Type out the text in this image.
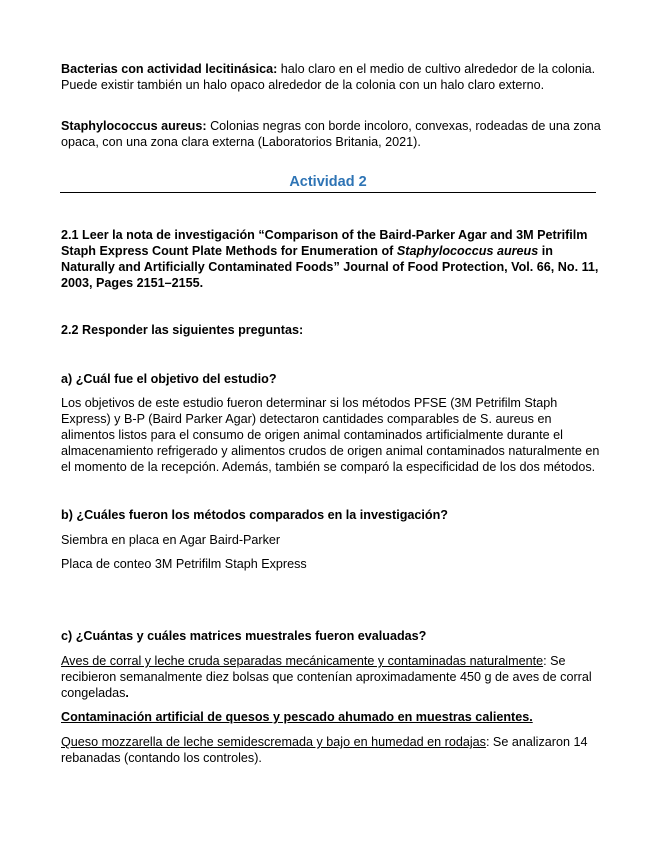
Bacterias con actividad lecitinásica: halo claro en el medio de cultivo alrededor de la colonia. Puede existir también un halo opaco alrededor de la colonia con un halo claro externo.

Staphylococcus aureus: Colonias negras con borde incoloro, convexas, rodeadas de una zona opaca, con una zona clara externa (Laboratorios Britania, 2021).

Actividad 2

2.1 Leer la nota de investigación “Comparison of the Baird-Parker Agar and 3M Petrifilm Staph Express Count Plate Methods for Enumeration of Staphylococcus aureus in Naturally and Artificially Contaminated Foods” Journal of Food Protection, Vol. 66, No. 11, 2003, Pages 2151–2155.

2.2 Responder las siguientes preguntas:

a) ¿Cuál fue el objetivo del estudio?

Los objetivos de este estudio fueron determinar si los métodos PFSE (3M Petrifilm Staph Express) y B-P (Baird Parker Agar) detectaron cantidades comparables de S. aureus en alimentos listos para el consumo de origen animal contaminados artificialmente durante el almacenamiento refrigerado y alimentos crudos de origen animal contaminados naturalmente en el momento de la recepción. Además, también se comparó la especificidad de los dos métodos.

b) ¿Cuáles fueron los métodos comparados en la investigación?

Siembra en placa en Agar Baird-Parker

Placa de conteo 3M Petrifilm Staph Express

c) ¿Cuántas y cuáles matrices muestrales fueron evaluadas?

Aves de corral y leche cruda separadas mecánicamente y contaminadas naturalmente: Se recibieron semanalmente diez bolsas que contenían aproximadamente 450 g de aves de corral congeladas.

Contaminación artificial de quesos y pescado ahumado en muestras calientes.

Queso mozzarella de leche semidescremada y bajo en humedad en rodajas: Se analizaron 14 rebanadas (contando los controles).
